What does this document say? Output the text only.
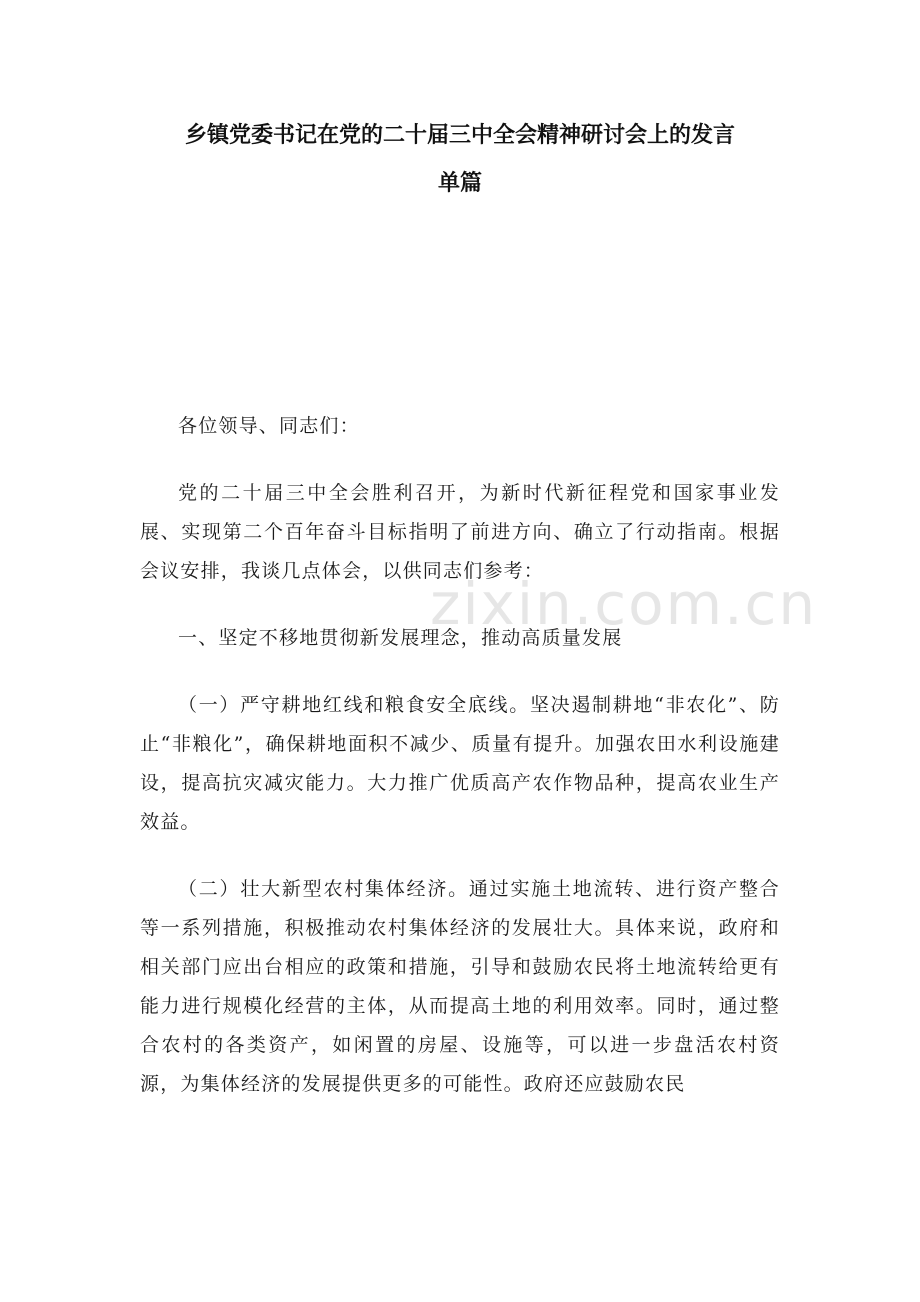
zixin.com.cn
乡镇党委书记在党的二十届三中全会精神研讨会上的发言
单篇

各位领导、同志们：

党的二十届三中全会胜利召开，为新时代新征程党和国家事业发展、实现第二个百年奋斗目标指明了前进方向、确立了行动指南。根据会议安排，我谈几点体会，以供同志们参考：

一、坚定不移地贯彻新发展理念，推动高质量发展

（一）严守耕地红线和粮食安全底线。坚决遏制耕地“非农化”、防止“非粮化”，确保耕地面积不减少、质量有提升。加强农田水利设施建设，提高抗灾减灾能力。大力推广优质高产农作物品种，提高农业生产效益。

（二）壮大新型农村集体经济。通过实施土地流转、进行资产整合等一系列措施，积极推动农村集体经济的发展壮大。具体来说，政府和相关部门应出台相应的政策和措施，引导和鼓励农民将土地流转给更有能力进行规模化经营的主体，从而提高土地的利用效率。同时，通过整合农村的各类资产，如闲置的房屋、设施等，可以进一步盘活农村资源，为集体经济的发展提供更多的可能性。政府还应鼓励农民
